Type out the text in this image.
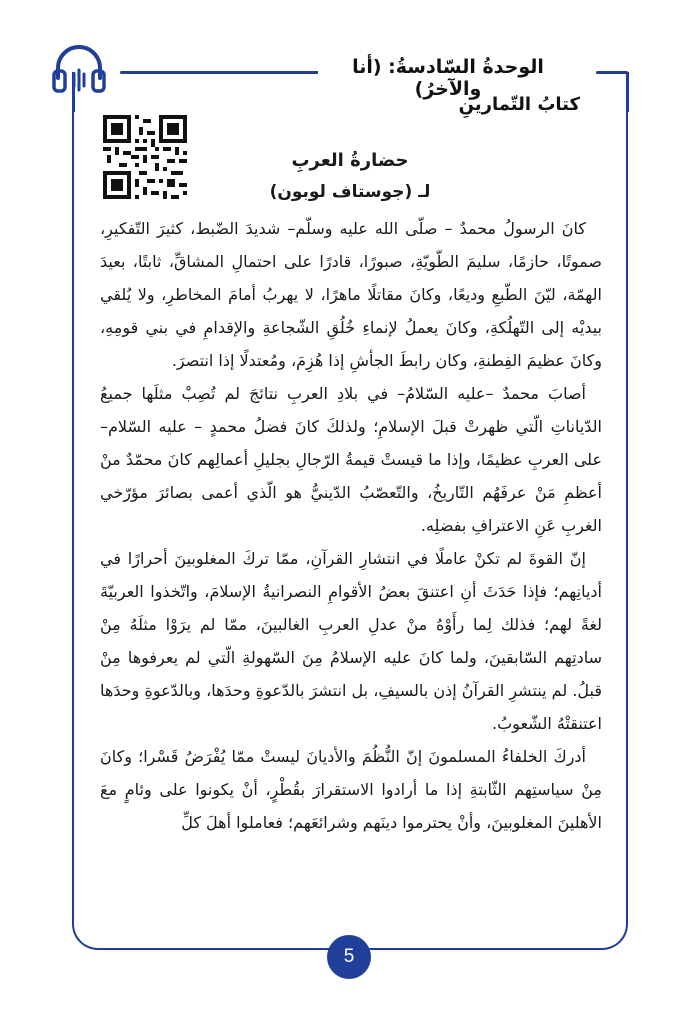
الوحدةُ السّادسةُ: (أنا والآخرُ)
كتابُ التّمارينِ
حضارةُ العربِ
لـ (جوستاف لوبون)

كانَ الرسولُ محمدٌ – صلّى الله عليه وسلّم– شديدَ الضّبط، كثيرَ التّفكيرِ، صموتًا، حازمًا، سليمَ الطّويّةِ، صبورًا، قادرًا على احتمالِ المشاقِّ، ثابتًا، بعيدَ الهمّة، ليّنَ الطّبعِ وديعًا، وكانَ مقاتلًا ماهرًا، لا يهربُ أمامَ المخاطرِ، ولا يُلقي بيديْه إلى التّهلُكةِ، وكانَ يعملُ لإنماءِ خُلُقِ الشّجاعةِ والإقدامِ في بني قومِهِ، وكانَ عظيمَ الفِطنةِ، وكان رابطَ الجأشِ إذا هُزِمَ، ومُعتدلًا إذا انتصرَ.

أصابَ محمدٌ –عليه السّلامُ– في بلادِ العربِ نتائجَ لم تُصِبْ مثلَها جميعُ الدّياناتِ الّتي ظهرتْ قبلَ الإسلامِ؛ ولذلكَ كانَ فضلُ محمدٍ – عليه السّلام– على العربِ عظيمًا، وإذا ما قيستْ قيمةُ الرّجالِ بجليلِ أعمالِهم كانَ محمّدٌ منْ أعظمِ مَنْ عرفَهُم التّاريخُ، والتّعصّبُ الدّينيُّ هو الّذي أعمى بصائرَ مؤرّخي الغربِ عَنِ الاعترافِ بفضلِه.

إنّ القوةَ لم تكنْ عاملًا في انتشارِ القرآنِ، ممّا تركَ المغلوبينَ أحرارًا في أديانِهم؛ فإذا حَدَثَ أنِ اعتنقَ بعضُ الأقوامِ النصرانيةُ الإسلامَ، واتّخذوا العربيّةَ لغةً لهم؛ فذلك لِما رأَوْهُ منْ عدلِ العربِ الغالبينَ، ممّا لم يرَوْا مثلَهُ مِنْ سادتِهم السّابقينَ، ولما كانَ عليه الإسلامُ مِنَ السّهولةِ الّتي لم يعرفوها مِنْ قبلُ. لم ينتشرِ القرآنُ إذن بالسيفِ، بل انتشرَ بالدّعوةِ وحدَها، وبالدّعوةِ وحدَها اعتنقتْهُ الشّعوبُ.

أدركَ الخلفاءُ المسلمونَ إنّ النُّظُمَ والأديانَ ليستْ ممّا يُفْرَضُ قَسْرا؛ وكانَ مِنْ سياستِهم الثّابتةِ إذا ما أرادوا الاستقرارَ بقُطْرٍ، أنْ يكونوا على وئامٍ معَ الأهلينَ المغلوبينَ، وأنْ يحترموا دينَهم وشرائعَهم؛ فعاملوا أهلَ كلِّ

5
